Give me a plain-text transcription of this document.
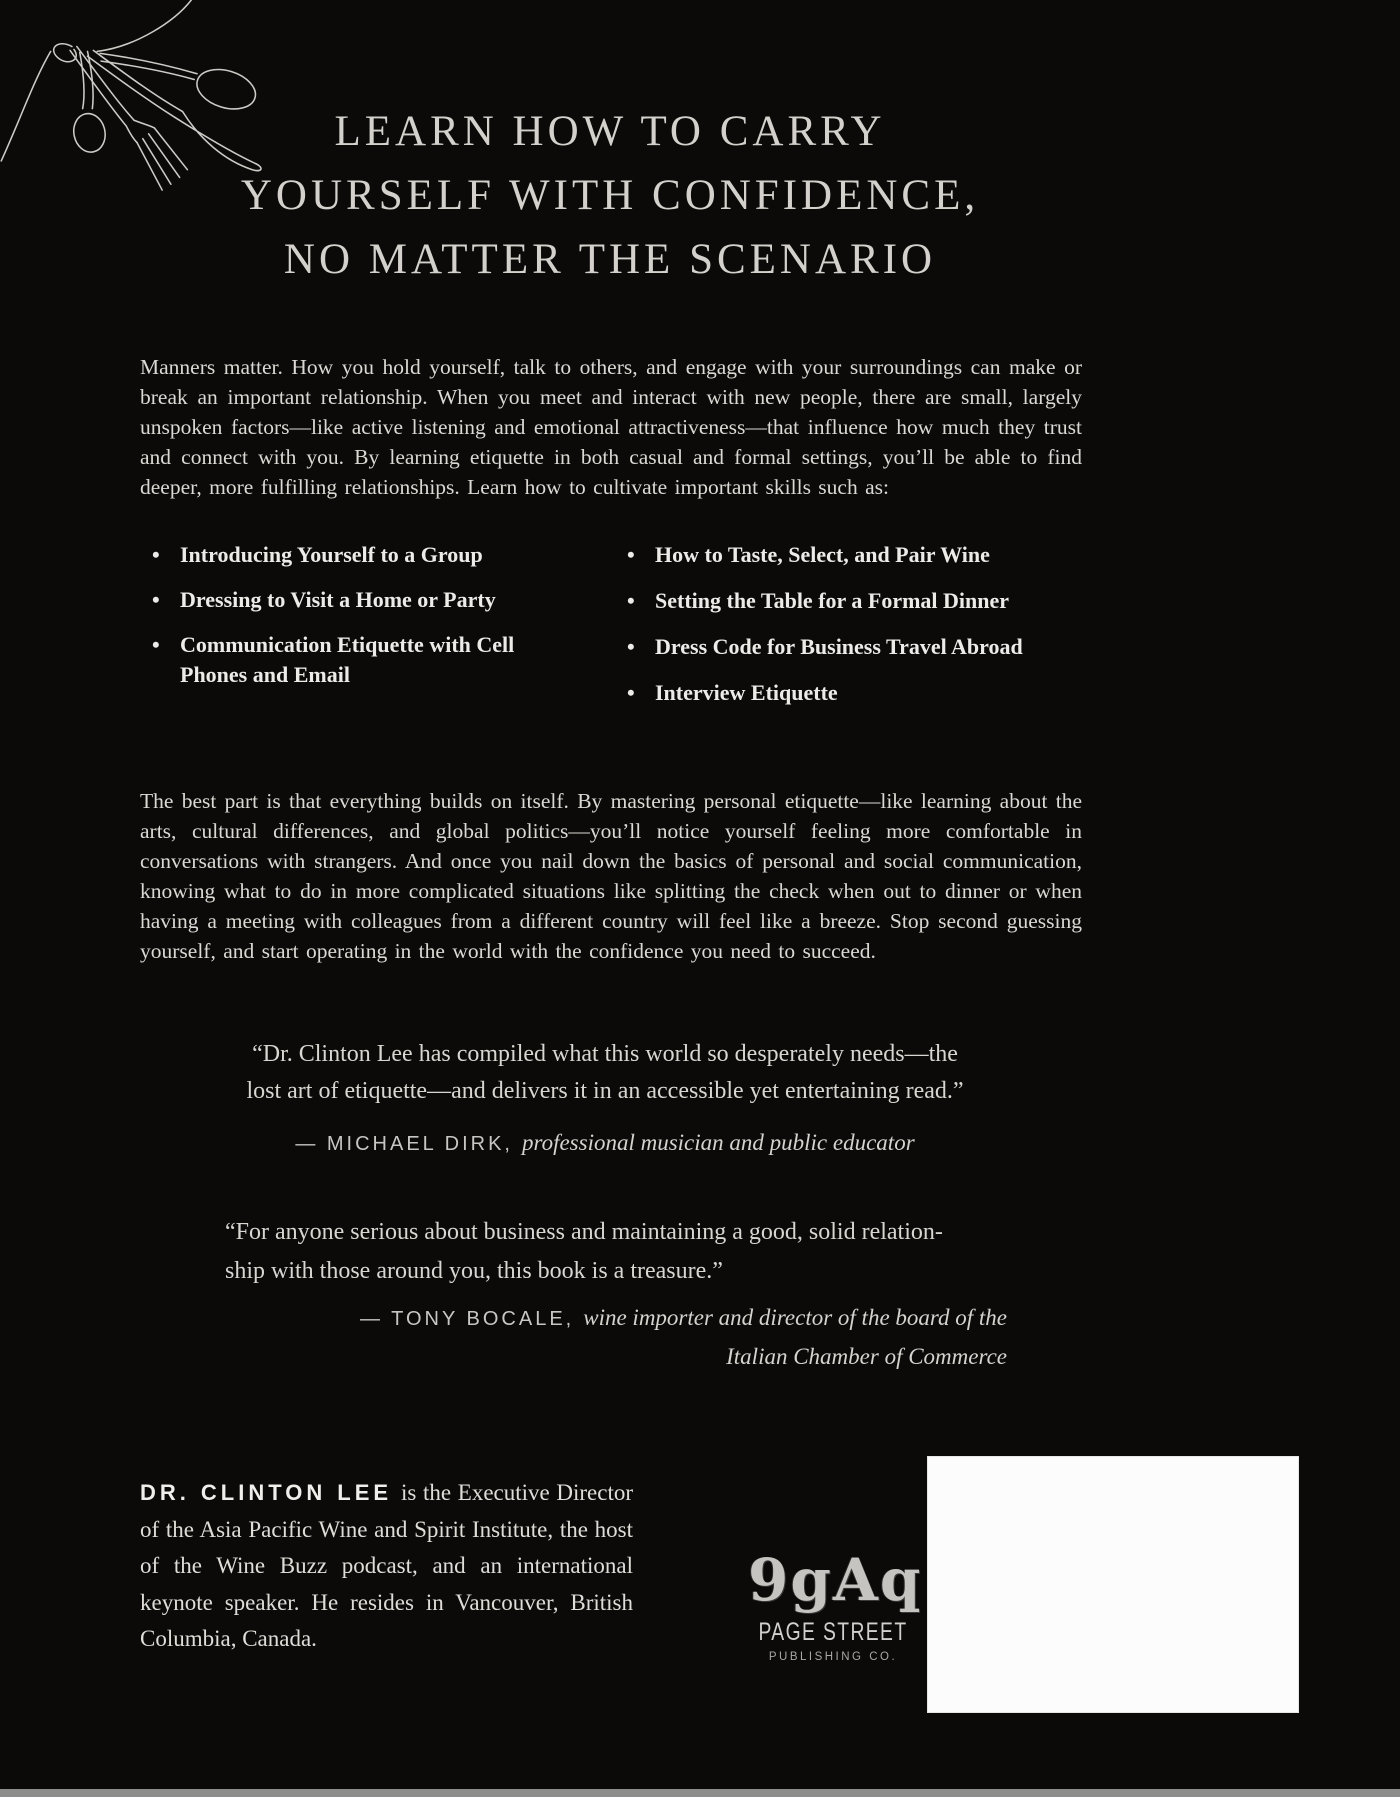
LEARN HOW TO CARRY
YOURSELF WITH CONFIDENCE,
NO MATTER THE SCENARIO

Manners matter. How you hold yourself, talk to others, and engage with your surroundings can make or break an important relationship. When you meet and interact with new people, there are small, largely unspoken factors—like active listening and emotional attractiveness—that influence how much they trust and connect with you. By learning etiquette in both casual and formal settings, you’ll be able to find deeper, more fulfilling relationships. Learn how to cultivate important skills such as:

• Introducing Yourself to a Group
• Dressing to Visit a Home or Party
• Communication Etiquette with Cell Phones and Email
• How to Taste, Select, and Pair Wine
• Setting the Table for a Formal Dinner
• Dress Code for Business Travel Abroad
• Interview Etiquette

The best part is that everything builds on itself. By mastering personal etiquette—like learning about the arts, cultural differences, and global politics—you’ll notice yourself feeling more comfortable in conversations with strangers. And once you nail down the basics of personal and social communication, knowing what to do in more complicated situations like splitting the check when out to dinner or when having a meeting with colleagues from a different country will feel like a breeze. Stop second guessing yourself, and start operating in the world with the confidence you need to succeed.

“Dr. Clinton Lee has compiled what this world so desperately needs—the
lost art of etiquette—and delivers it in an accessible yet entertaining read.”
— MICHAEL DIRK, professional musician and public educator
“For anyone serious about business and maintaining a good, solid relation-
ship with those around you, this book is a treasure.”
— TONY BOCALE, wine importer and director of the board of the
Italian Chamber of Commerce

DR. CLINTON LEE is the Executive Director of the Asia Pacific Wine and Spirit Institute, the host of the Wine Buzz podcast, and an international keynote speaker. He resides in Vancouver, British Columbia, Canada.

9gAq
PAGE STREET
PUBLISHING CO.
